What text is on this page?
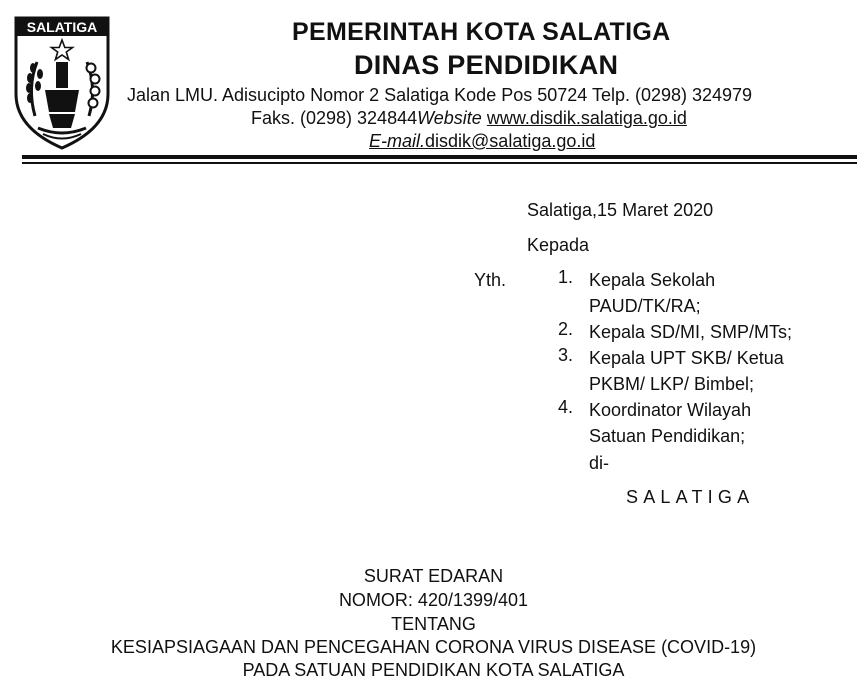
SALATIGA	PEMERINTAH KOTA SALATIGA
DINAS PENDIDIKAN
Jalan LMU. Adisucipto Nomor 2 Salatiga Kode Pos 50724 Telp. (0298) 324979
Faks. (0298) 324844Website www.disdik.salatiga.go.id
E-mail.disdik@salatiga.go.id
Salatiga,15 Maret 2020
Kepada
Yth.	1. Kepala Sekolah
PAUD/TK/RA;
2. Kepala SD/MI, SMP/MTs;
3. Kepala UPT SKB/ Ketua
PKBM/ LKP/ Bimbel;
4. Koordinator Wilayah
Satuan Pendidikan;
di-
SALATIGA
SURAT EDARAN
NOMOR: 420/1399/401
TENTANG
KESIAPSIAGAAN DAN PENCEGAHAN CORONA VIRUS DISEASE (COVID-19)
PADA SATUAN PENDIDIKAN KOTA SALATIGA
